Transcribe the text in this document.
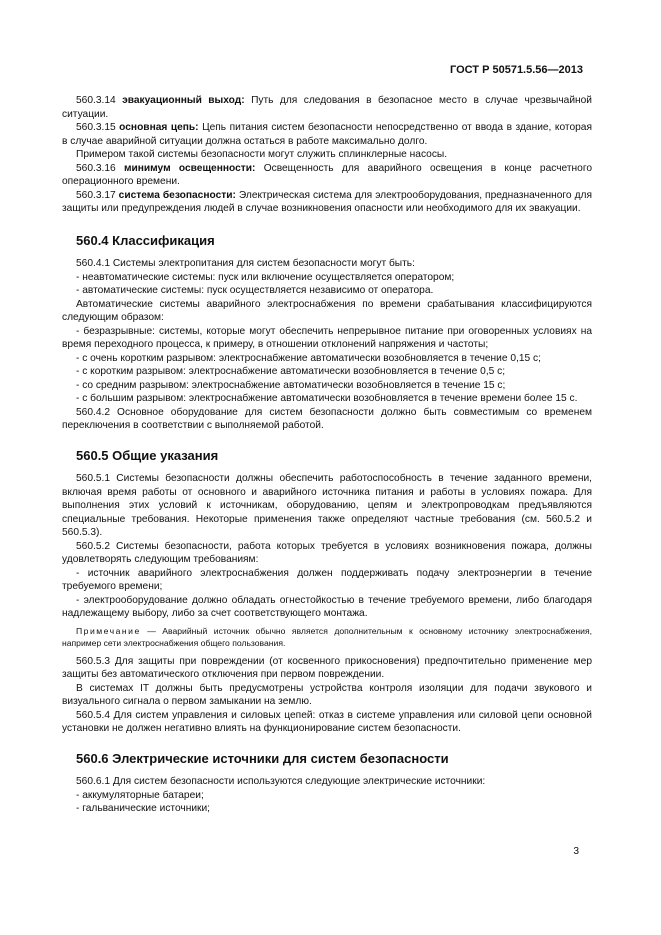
ГОСТ Р 50571.5.56—2013

560.3.14 эвакуационный выход: Путь для следования в безопасное место в случае чрезвычайной ситуации.

560.3.15 основная цепь: Цепь питания систем безопасности непосредственно от ввода в здание, которая в случае аварийной ситуации должна остаться в работе максимально долго.

Примером такой системы безопасности могут служить сплинклерные насосы.

560.3.16 минимум освещенности: Освещенность для аварийного освещения в конце расчетного операционного времени.

560.3.17 система безопасности: Электрическая система для электрооборудования, предназначенного для защиты или предупреждения людей в случае возникновения опасности или необходимого для их эвакуации.

560.4 Классификация

560.4.1 Системы электропитания для систем безопасности могут быть:

- неавтоматические системы: пуск или включение осуществляется оператором;

- автоматические системы: пуск осуществляется независимо от оператора.

Автоматические системы аварийного электроснабжения по времени срабатывания классифицируются следующим образом:

- безразрывные: системы, которые могут обеспечить непрерывное питание при оговоренных условиях на время переходного процесса, к примеру, в отношении отклонений напряжения и частоты;

- с очень коротким разрывом: электроснабжение автоматически возобновляется в течение 0,15 с;

- с коротким разрывом: электроснабжение автоматически возобновляется в течение 0,5 с;

- со средним разрывом: электроснабжение автоматически возобновляется в течение 15 с;

- с большим разрывом: электроснабжение автоматически возобновляется в течение времени более 15 с.

560.4.2 Основное оборудование для систем безопасности должно быть совместимым со временем переключения в соответствии с выполняемой работой.

560.5 Общие указания

560.5.1 Системы безопасности должны обеспечить работоспособность в течение заданного времени, включая время работы от основного и аварийного источника питания и работы в условиях пожара. Для выполнения этих условий к источникам, оборудованию, цепям и электропроводкам предъявляются специальные требования. Некоторые применения также определяют частные требования (см. 560.5.2 и 560.5.3).

560.5.2 Системы безопасности, работа которых требуется в условиях возникновения пожара, должны удовлетворять следующим требованиям:

- источник аварийного электроснабжения должен поддерживать подачу электроэнергии в течение требуемого времени;

- электрооборудование должно обладать огнестойкостью в течение требуемого времени, либо благодаря надлежащему выбору, либо за счет соответствующего монтажа.

Примечание — Аварийный источник обычно является дополнительным к основному источнику электроснабжения, например сети электроснабжения общего пользования.

560.5.3 Для защиты при повреждении (от косвенного прикосновения) предпочтительно применение мер защиты без автоматического отключения при первом повреждении.

В системах IT должны быть предусмотрены устройства контроля изоляции для подачи звукового и визуального сигнала о первом замыкании на землю.

560.5.4 Для систем управления и силовых цепей: отказ в системе управления или силовой цепи основной установки не должен негативно влиять на функционирование систем безопасности.

560.6 Электрические источники для систем безопасности

560.6.1 Для систем безопасности используются следующие электрические источники:

- аккумуляторные батареи;

- гальванические источники;

3
